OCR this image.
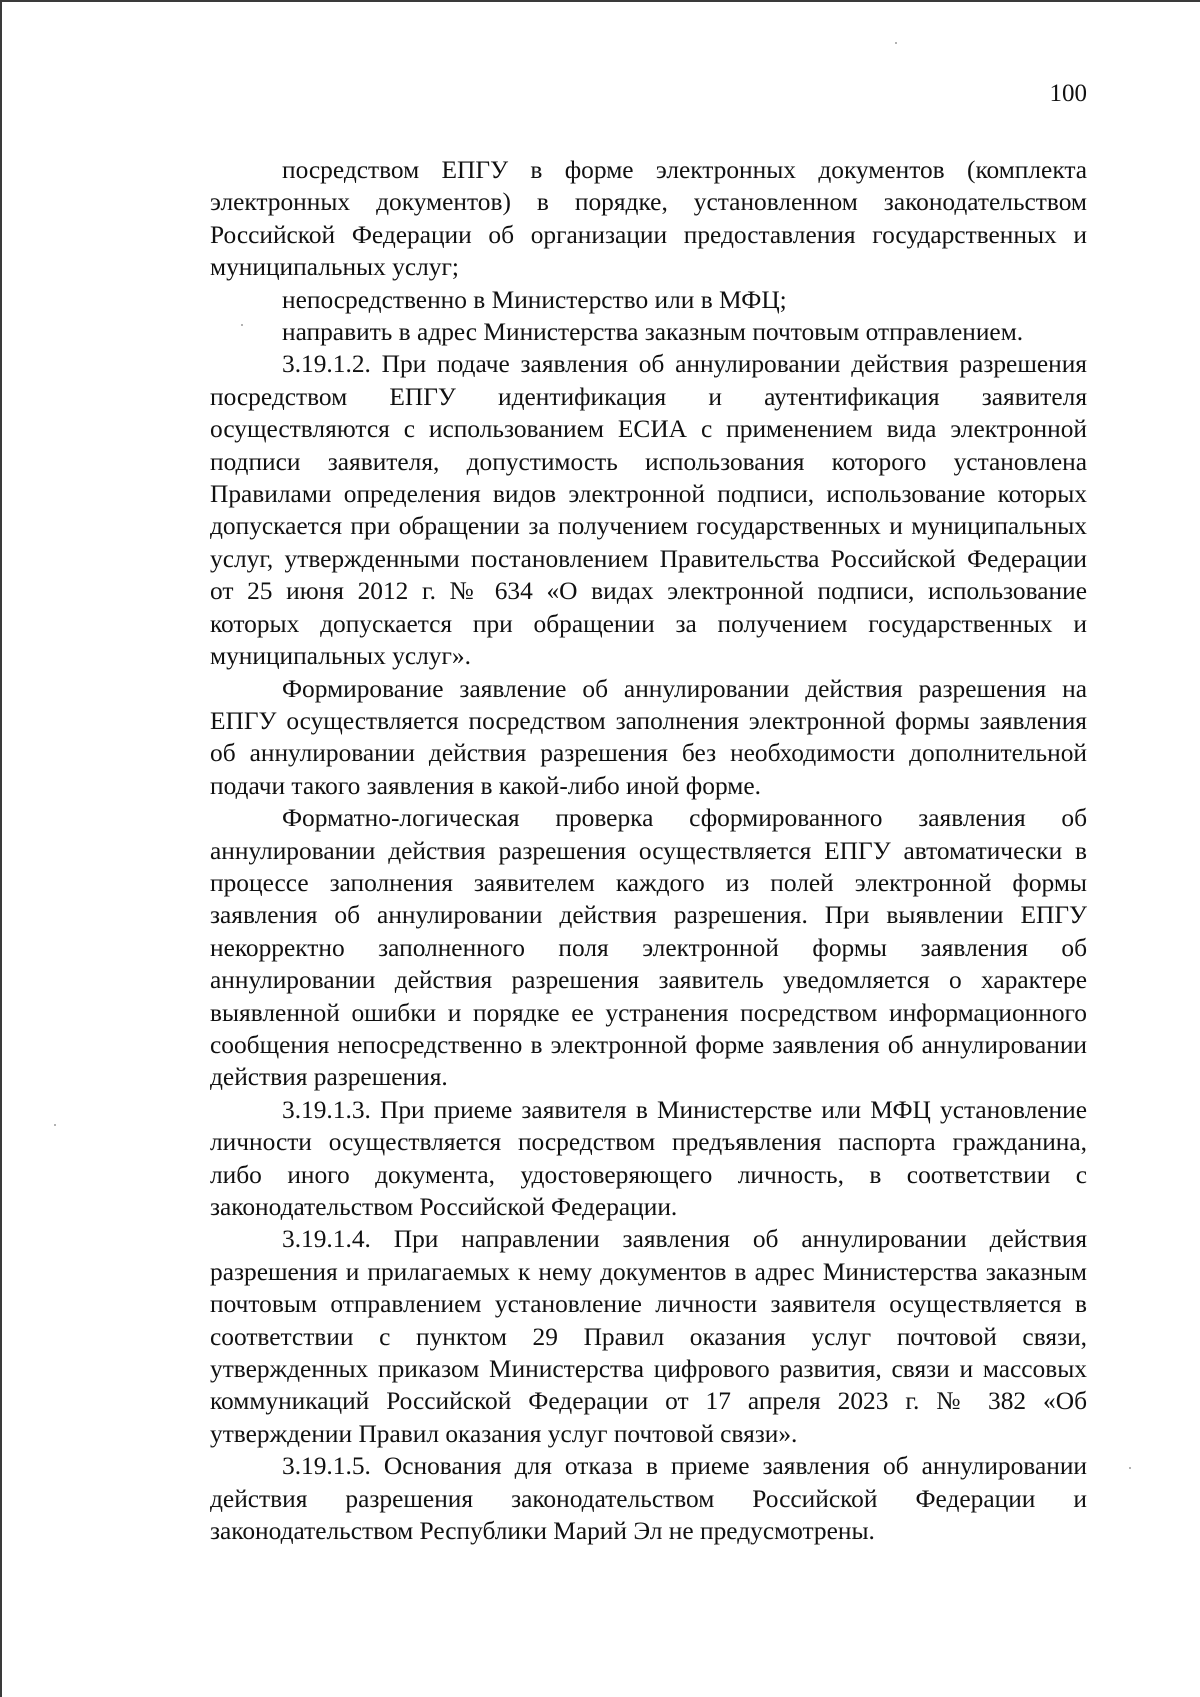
100

посредством ЕПГУ в форме электронных документов (комплекта электронных документов) в порядке, установленном законодательством Российской Федерации об организации предоставления государственных и муниципальных услуг;

непосредственно в Министерство или в МФЦ;

направить в адрес Министерства заказным почтовым отправлением.

3.19.1.2. При подаче заявления об аннулировании действия разрешения посредством ЕПГУ идентификация и аутентификация заявителя осуществляются с использованием ЕСИА с применением вида электронной подписи заявителя, допустимость использования которого установлена Правилами определения видов электронной подписи, использование которых допускается при обращении за получением государственных и муниципальных услуг, утвержденными постановлением Правительства Российской Федерации от 25 июня 2012 г. № 634 «О видах электронной подписи, использование которых допускается при обращении за получением государственных и муниципальных услуг».

Формирование заявление об аннулировании действия разрешения на ЕПГУ осуществляется посредством заполнения электронной формы заявления об аннулировании действия разрешения без необходимости дополнительной подачи такого заявления в какой-либо иной форме.

Форматно-логическая проверка сформированного заявления об аннулировании действия разрешения осуществляется ЕПГУ автоматически в процессе заполнения заявителем каждого из полей электронной формы заявления об аннулировании действия разрешения. При выявлении ЕПГУ некорректно заполненного поля электронной формы заявления об аннулировании действия разрешения заявитель уведомляется о характере выявленной ошибки и порядке ее устранения посредством информационного сообщения непосредственно в электронной форме заявления об аннулировании действия разрешения.

3.19.1.3. При приеме заявителя в Министерстве или МФЦ установление личности осуществляется посредством предъявления паспорта гражданина, либо иного документа, удостоверяющего личность, в соответствии с законодательством Российской Федерации.

3.19.1.4. При направлении заявления об аннулировании действия разрешения и прилагаемых к нему документов в адрес Министерства заказным почтовым отправлением установление личности заявителя осуществляется в соответствии с пунктом 29 Правил оказания услуг почтовой связи, утвержденных приказом Министерства цифрового развития, связи и массовых коммуникаций Российской Федерации от 17 апреля 2023 г. № 382 «Об утверждении Правил оказания услуг почтовой связи».

3.19.1.5. Основания для отказа в приеме заявления об аннулировании действия разрешения законодательством Российской Федерации и законодательством Республики Марий Эл не предусмотрены.
